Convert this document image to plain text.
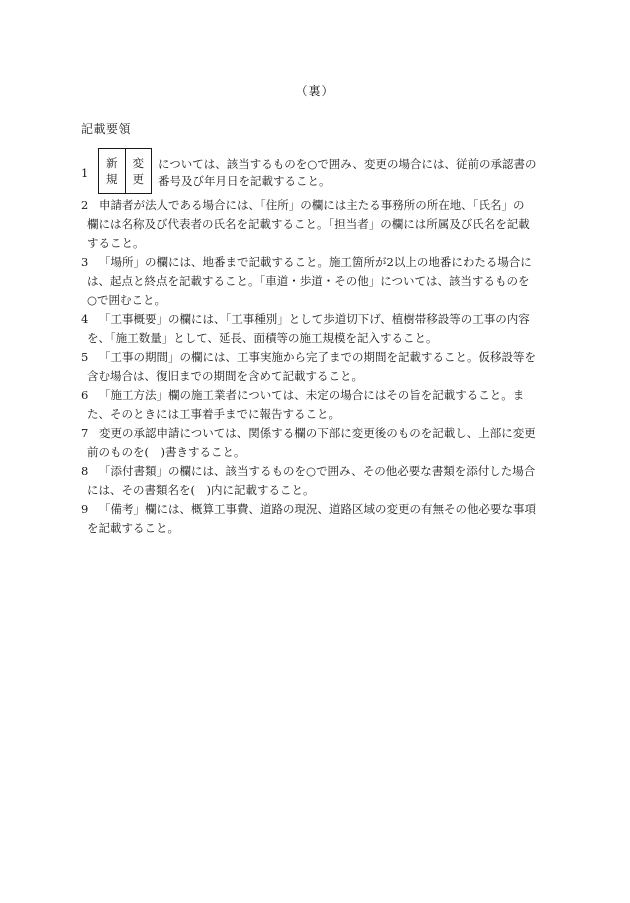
（裏）
記載要領
1
新
規
変
更
については、該当するものを○で囲み、変更の場合には、従前の承認書の
番号及び年月日を記載すること。
2 申請者が法人である場合には、「住所」の欄には主たる事務所の所在地、「氏名」の
欄には名称及び代表者の氏名を記載すること。「担当者」の欄には所属及び氏名を記載
すること。
3 「場所」の欄には、地番まで記載すること。施工箇所が2以上の地番にわたる場合に
は、起点と終点を記載すること。「車道・歩道・その他」については、該当するものを
○で囲むこと。
4 「工事概要」の欄には、「工事種別」として歩道切下げ、植樹帯移設等の工事の内容
を、「施工数量」として、延長、面積等の施工規模を記入すること。
5 「工事の期間」の欄には、工事実施から完了までの期間を記載すること。仮移設等を
含む場合は、復旧までの期間を含めて記載すること。
6 「施工方法」欄の施工業者については、未定の場合にはその旨を記載すること。ま
た、そのときには工事着手までに報告すること。
7 変更の承認申請については、関係する欄の下部に変更後のものを記載し、上部に変更
前のものを(　)書きすること。
8 「添付書類」の欄には、該当するものを○で囲み、その他必要な書類を添付した場合
には、その書類名を(　)内に記載すること。
9 「備考」欄には、概算工事費、道路の現況、道路区域の変更の有無その他必要な事項
を記載すること。
